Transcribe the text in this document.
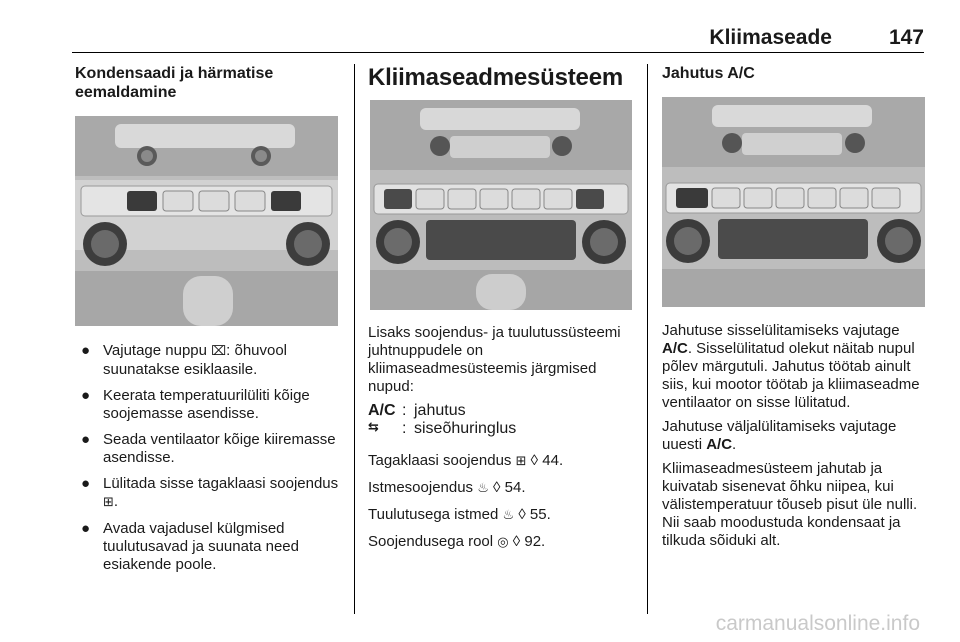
Kliimaseade	147
Kondensaadi ja härmatise eemaldamine
● Vajutage nuppu ⌧: õhuvool suunatakse esiklaasile.
● Keerata temperatuurilüliti kõige soojemasse asendisse.
● Seada ventilaator kõige kiiremasse asendisse.
● Lülitada sisse tagaklaasi soojendus ⊞.
● Avada vajadusel külgmised tuulutusavad ja suunata need esiakende poole.
Kliimaseadmesüsteem

Lisaks soojendus- ja tuulutussüsteemi juhtnuppudele on kliimaseadmesüsteemis järgmised nupud:

A/C : jahutus
⇆	: siseõhuringlus

Tagaklaasi soojendus ⊞ ◊ 44.

Istmesoojendus ♨ ◊ 54.

Tuulutusega istmed ♨ ◊ 55.

Soojendusega rool ◎ ◊ 92.

Jahutus A/C

Jahutuse sisselülitamiseks vajutage A/C. Sisselülitatud olekut näitab nupul põlev märgutuli. Jahutus töötab ainult siis, kui mootor töötab ja kliimaseadme ventilaator on sisse lülitatud.

Jahutuse väljalülitamiseks vajutage uuesti A/C.

Kliimaseadmesüsteem jahutab ja kuivatab sisenevat õhku niipea, kui välistemperatuur tõuseb pisut üle nulli. Nii saab moodustuda kondensaat ja tilkuda sõiduki alt.

carmanualsonline.info
